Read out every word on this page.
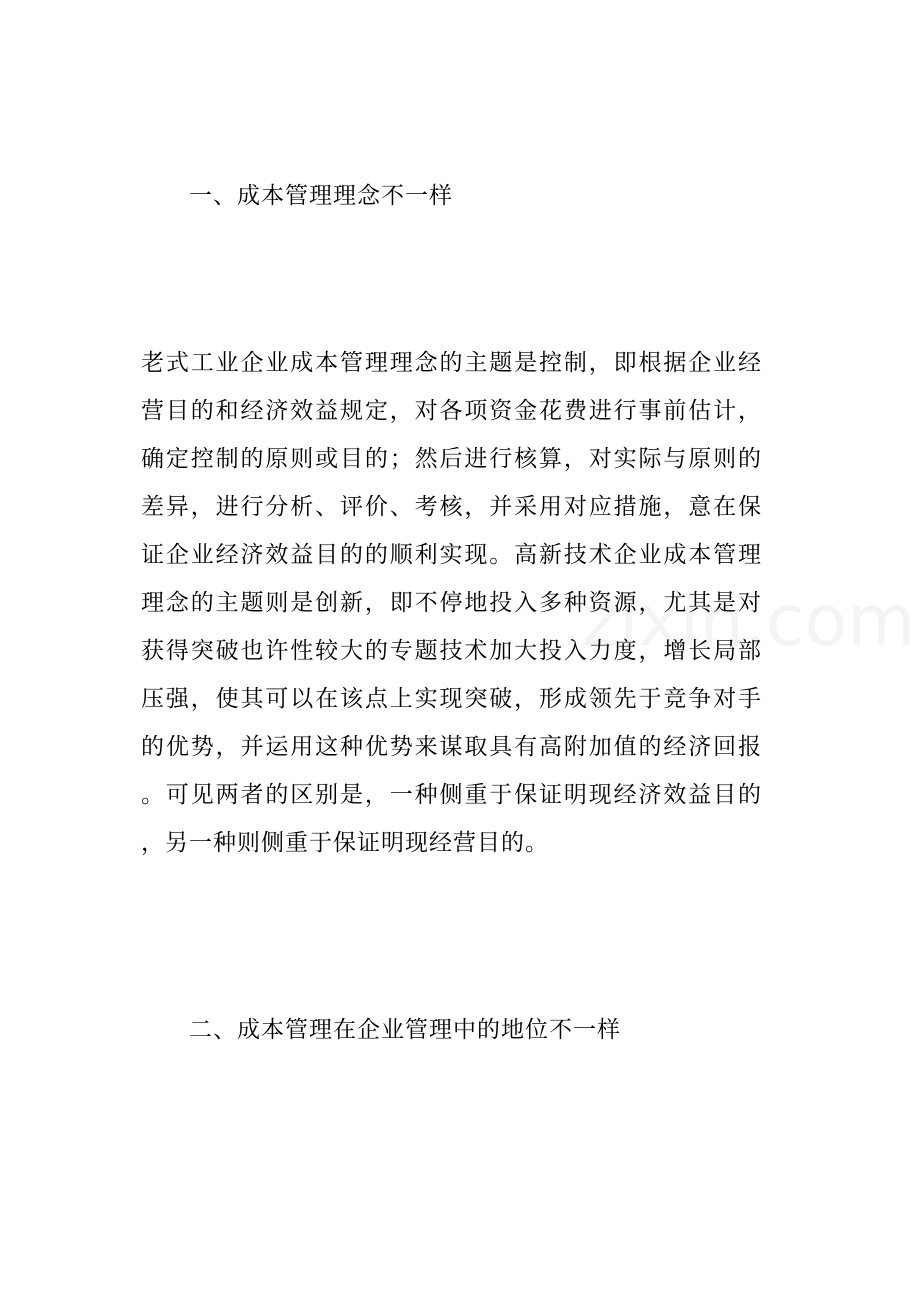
一、成本管理理念不一样
老式工业企业成本管理理念的主题是控制，即根据企业经
营目的和经济效益规定，对各项资金花费进行事前估计，
确定控制的原则或目的；然后进行核算，对实际与原则的
差异，进行分析、评价、考核，并采用对应措施，意在保
证企业经济效益目的的顺利实现。高新技术企业成本管理
理念的主题则是创新，即不停地投入多种资源，尤其是对
获得突破也许性较大的专题技术加大投入力度，增长局部
压强，使其可以在该点上实现突破，形成领先于竞争对手
的优势，并运用这种优势来谋取具有高附加值的经济回报
。可见两者的区别是，一种侧重于保证明现经济效益目的
，另一种则侧重于保证明现经营目的。
二、成本管理在企业管理中的地位不一样
